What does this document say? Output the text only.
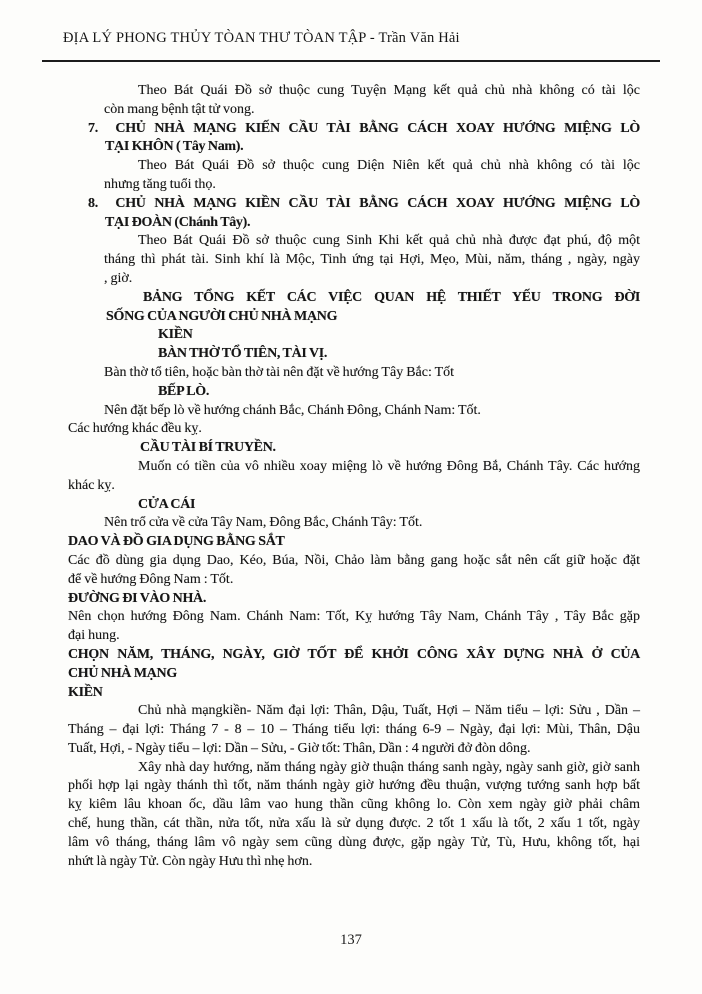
ĐỊA LÝ PHONG THỦY TÒAN THƯ TÒAN TẬP - Trần Văn Hải
Theo Bát Quái Đồ sở thuộc cung Tuyện Mạng kết quả chủ nhà không có tài lộc
còn mang bệnh tật tử vong.
7.  CHỦ NHÀ MẠNG KIẾN CẦU TÀI BẰNG CÁCH XOAY HƯỚNG MIỆNG LÒ
TẠI KHÔN ( Tây Nam).
Theo Bát Quái Đồ sở thuộc cung Diện Niên kết quả chủ nhà không có tài lộc
nhưng tăng tuổi thọ.
8.  CHỦ NHÀ MẠNG KIỀN CẦU TÀI BẰNG CÁCH XOAY HƯỚNG MIỆNG LÒ
TẠI ĐOÀN (Chánh Tây).
Theo Bát Quái Đồ sở thuộc cung Sinh Khi kết quả chủ nhà được đạt phú, độ một
tháng thì phát tài. Sinh khí là Mộc, Tinh ứng tại Hợi, Mẹo, Mùi, năm, tháng , ngày, ngày
, giờ.
BẢNG TỔNG KẾT CÁC VIỆC QUAN HỆ THIẾT YẾU TRONG ĐỜI
SỐNG CỦA NGƯỜI CHỦ NHÀ MẠNG
KIỀN
BÀN THỜ TỔ TIÊN, TÀI VỊ.
Bàn thờ tổ tiên, hoặc bàn thờ tài nên đặt về hướng Tây Bắc: Tốt
BẾP LÒ.
Nên đặt bếp lò về hướng chánh Bắc, Chánh Đông, Chánh Nam: Tốt.
Các hướng khác đều kỵ.
CẦU TÀI BÍ TRUYỀN.
Muốn có tiền của vô nhiều xoay miệng lò về hướng Đông Bắ, Chánh Tây. Các hướng
khác kỵ.
CỬA CÁI
Nên trổ cửa về cửa Tây Nam, Đông Bắc, Chánh Tây: Tốt.
DAO VÀ ĐỒ GIA DỤNG BẰNG SẮT
Các đồ dùng gia dụng Dao, Kéo, Búa, Nồi, Chảo làm bằng gang hoặc sắt nên cất giữ hoặc đặt
để về hướng Đông Nam : Tốt.
ĐƯỜNG ĐI VÀO NHÀ.
Nên chọn hướng Đông Nam. Chánh Nam: Tốt, Kỵ hướng Tây Nam, Chánh Tây , Tây Bắc gặp
đại hung.
CHỌN NĂM, THÁNG, NGÀY, GIỜ TỐT ĐỂ KHỞI CÔNG XÂY DỰNG NHÀ Ở CỦA
CHỦ NHÀ MẠNG
KIỀN
Chủ nhà mạngkiền- Năm đại lợi: Thân, Dậu, Tuất, Hợi – Năm tiểu – lợi: Sửu , Dần –
Tháng – đại lợi: Tháng 7 - 8 – 10 – Tháng tiểu lợi: tháng 6-9 – Ngày, đại lợi: Mùi, Thân, Dậu
Tuất, Hợi, - Ngày tiểu – lợi: Dần – Sửu, - Giờ tốt: Thân, Dần : 4 người đở đòn dông.
Xây nhà day hướng, năm tháng ngày giờ thuận tháng sanh ngày, ngày sanh giờ, giờ sanh
phối hợp lại ngày thánh thì tốt, năm thánh ngày giờ hướng đều thuận, vượng tướng sanh hợp bất
kỵ kiêm lâu khoan ốc, dầu lâm vao hung thần cũng không lo. Còn xem ngày giờ phải châm
chế, hung thần, cát thần, nửa tốt, nửa xấu là sử dụng được. 2 tốt 1 xấu là tốt, 2 xấu 1 tốt, ngày
lâm vô tháng, tháng lâm vô ngày sem cũng dùng được, gặp ngày Tử, Tù, Hưu, không tốt, hại
nhứt là ngày Tử. Còn ngày Hưu thì nhẹ hơn.
137
